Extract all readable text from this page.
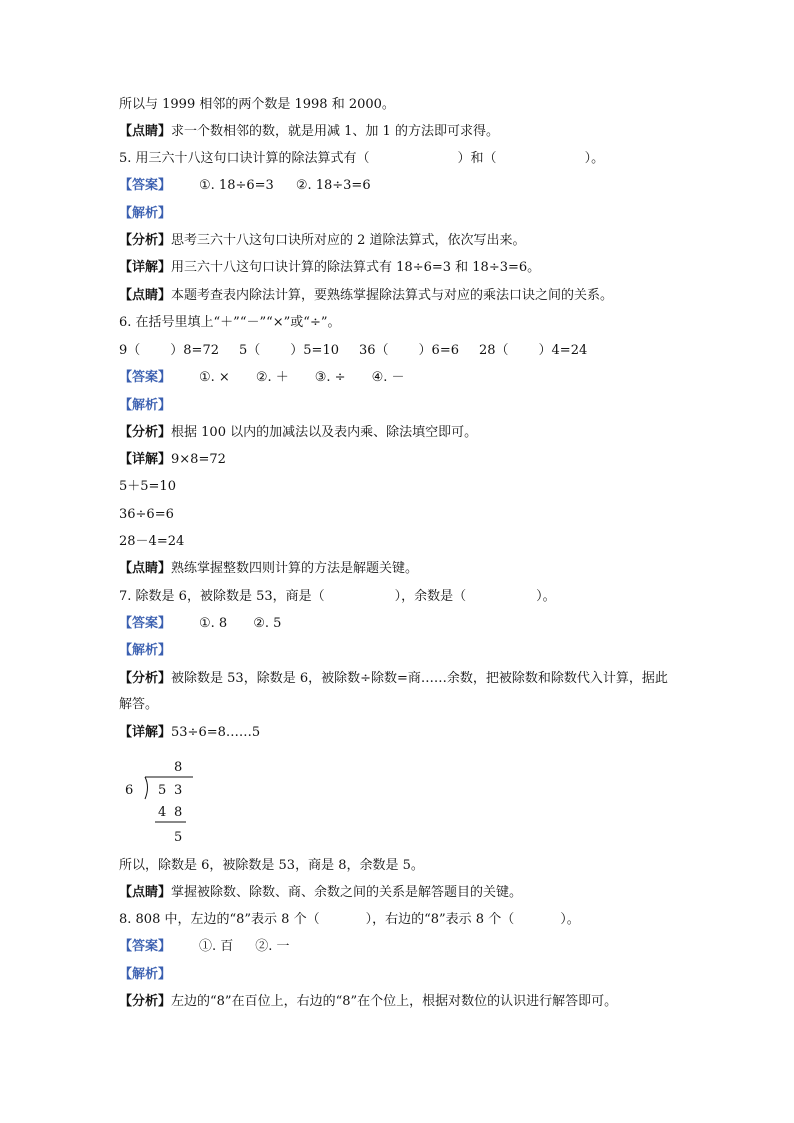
所以与 1999 相邻的两个数是 1998 和 2000。
【点睛】求一个数相邻的数，就是用减 1、加 1 的方法即可求得。
5. 用三六十八这句口诀计算的除法算式有（	）和（	）。
【答案】 ①. 18÷6=3 ②. 18÷3=6
【解析】
【分析】思考三六十八这句口诀所对应的 2 道除法算式，依次写出来。
【详解】用三六十八这句口诀计算的除法算式有 18÷6=3 和 18÷3=6。
【点睛】本题考查表内除法计算，要熟练掌握除法算式与对应的乘法口诀之间的关系。
6. 在括号里填上“＋”“－”“×”或“÷”。
9（ ）8=72 5（ ）5=10 36（ ）6=6 28（ ）4=24
【答案】 ①. × ②. ＋ ③. ÷ ④. －
【解析】
【分析】根据 100 以内的加减法以及表内乘、除法填空即可。
【详解】9×8=72
5＋5=10
36÷6=6
28－4=24
【点睛】熟练掌握整数四则计算的方法是解题关键。
7. 除数是 6，被除数是 53，商是（	），余数是（	）。
【答案】 ①. 8 ②. 5
【解析】
【分析】被除数是 53，除数是 6，被除数÷除数=商……余数，把被除数和除数代入计算，据此解答。
【详解】53÷6=8……5
8
6 5 3
4 8
5
所以，除数是 6，被除数是 53，商是 8，余数是 5。
【点睛】掌握被除数、除数、商、余数之间的关系是解答题目的关键。
8. 808 中，左边的“8”表示 8 个（	），右边的“8”表示 8 个（	）。
【答案】 ①. 百 ②. 一
【解析】
【分析】左边的“8”在百位上，右边的“8”在个位上，根据对数位的认识进行解答即可。
